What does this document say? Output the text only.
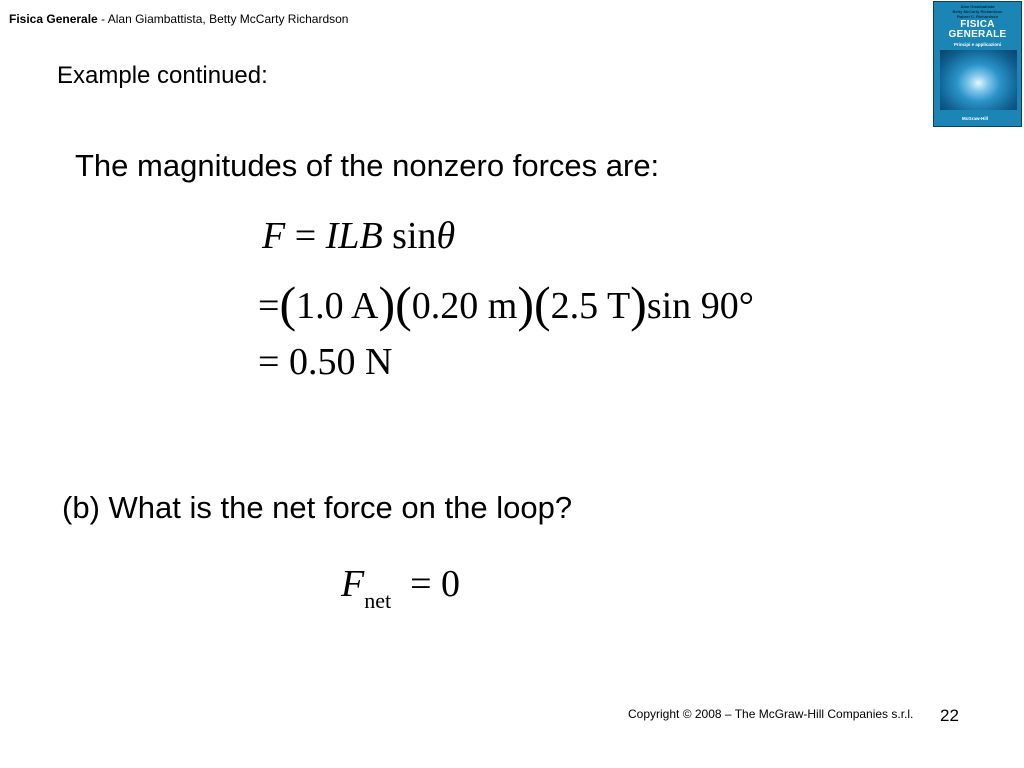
Fisica Generale - Alan Giambattista, Betty McCarty Richardson
Alan Giambattista
Betty McCarty Richardson
Robert C. Richardson
FISICA
GENERALE
Principi e applicazioni
McGraw-Hill
Example continued:
The magnitudes of the nonzero forces are:
F = ILB sinθ
=(1.0 A)(0.20 m)(2.5 T)sin 90°
= 0.50 N
(b) What is the net force on the loop?
$F_{net} = 0$
Copyright © 2008 – The McGraw-Hill Companies s.r.l. 22
